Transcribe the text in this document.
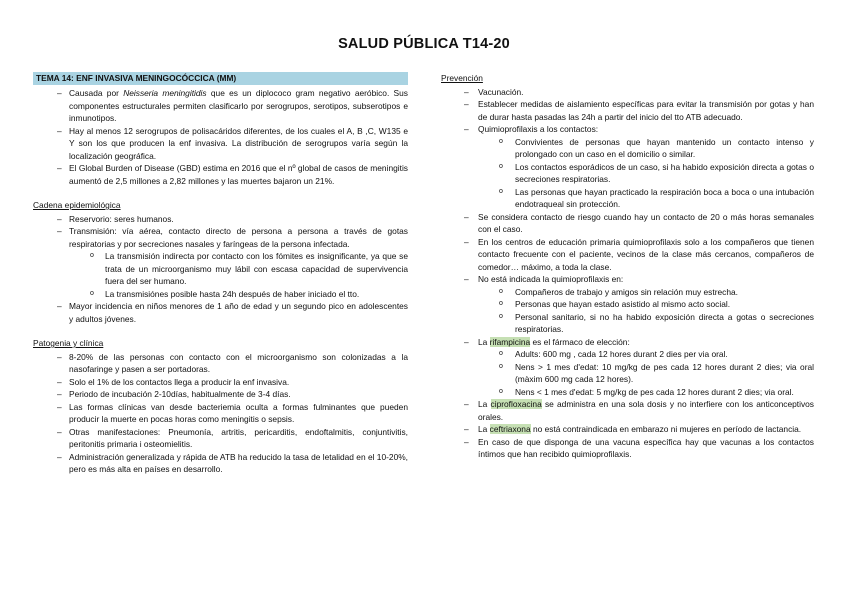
SALUD PÚBLICA T14-20
TEMA 14: ENF INVASIVA MENINGOCÓCCICA (MM)
– Causada por Neisseria meningitidis que es un diplococo gram negativo aeróbico. Sus componentes estructurales permiten clasificarlo por serogrupos, serotipos, subserotipos e inmunotipos.
– Hay al menos 12 serogrupos de polisacáridos diferentes, de los cuales el A, B ,C, W135 e Y son los que producen la enf invasiva. La distribución de serogrupos varía según la localización geográfica.
– El Global Burden of Disease (GBD) estima en 2016 que el nº global de casos de meningitis aumentó de 2,5 millones a 2,82 millones y las muertes bajaron un 21%.
Cadena epidemiológica
– Reservorio: seres humanos.
– Transmisión: vía aérea, contacto directo de persona a persona a través de gotas respiratorias y por secreciones nasales y faríngeas de la persona infectada.
o La transmisión indirecta por contacto con los fómites es insignificante, ya que se trata de un microorganismo muy lábil con escasa capacidad de supervivencia fuera del ser humano.
o La transmisiónes posible hasta 24h después de haber iniciado el tto.
– Mayor incidencia en niños menores de 1 año de edad y un segundo pico en adolescentes y adultos jóvenes.
Patogenia y clínica
– 8-20% de las personas con contacto con el microorganismo son colonizadas a la nasofaringe y pasen a ser portadoras.
– Solo el 1% de los contactos llega a producir la enf invasiva.
– Periodo de incubación 2-10días, habitualmente de 3-4 días.
– Las formas clínicas van desde bacteriemia oculta a formas fulminantes que pueden producir la muerte en pocas horas como meningitis o sepsis.
– Otras manifestaciones: Pneumonía, artritis, pericarditis, endoftalmitis, conjuntivitis, peritonitis primaria i osteomielitis.
– Administración generalizada y rápida de ATB ha reducido la tasa de letalidad en el 10-20%, pero es más alta en países en desarrollo.
Prevención
– Vacunación.
– Establecer medidas de aislamiento específicas para evitar la transmisión por gotas y han de durar hasta pasadas las 24h a partir del inicio del tto ATB adecuado.
– Quimioprofilaxis a los contactos:
o Convivientes de personas que hayan mantenido un contacto intenso y prolongado con un caso en el domicilio o similar.
o Los contactos esporádicos de un caso, si ha habido exposición directa a gotas o secreciones respiratorias.
o Las personas que hayan practicado la respiración boca a boca o una intubación endotraqueal sin protección.
– Se considera contacto de riesgo cuando hay un contacto de 20 o más horas semanales con el caso.
– En los centros de educación primaria quimioprofilaxis solo a los compañeros que tienen contacto frecuente con el paciente, vecinos de la clase más cercanos, compañeros de comedor… máximo, a toda la clase.
– No está indicada la quimioprofilaxis en:
o Compañeros de trabajo y amigos sin relación muy estrecha.
o Personas que hayan estado asistido al mismo acto social.
o Personal sanitario, si no ha habido exposición directa a gotas o secreciones respiratorias.
– La rifampicina es el fármaco de elección:
o Adults: 600 mg , cada 12 hores durant 2 dies per via oral.
o Nens > 1 mes d'edat: 10 mg/kg de pes cada 12 hores durant 2 dies; via oral (màxim 600 mg cada 12 hores).
o Nens < 1 mes d'edat: 5 mg/kg de pes cada 12 hores durant 2 dies; via oral.
– La ciprofloxacina se administra en una sola dosis y no interfiere con los anticonceptivos orales.
– La ceftriaxona no está contraindicada en embarazo ni mujeres en período de lactancia.
– En caso de que disponga de una vacuna específica hay que vacunas a los contactos íntimos que han recibido quimioprofilaxis.
